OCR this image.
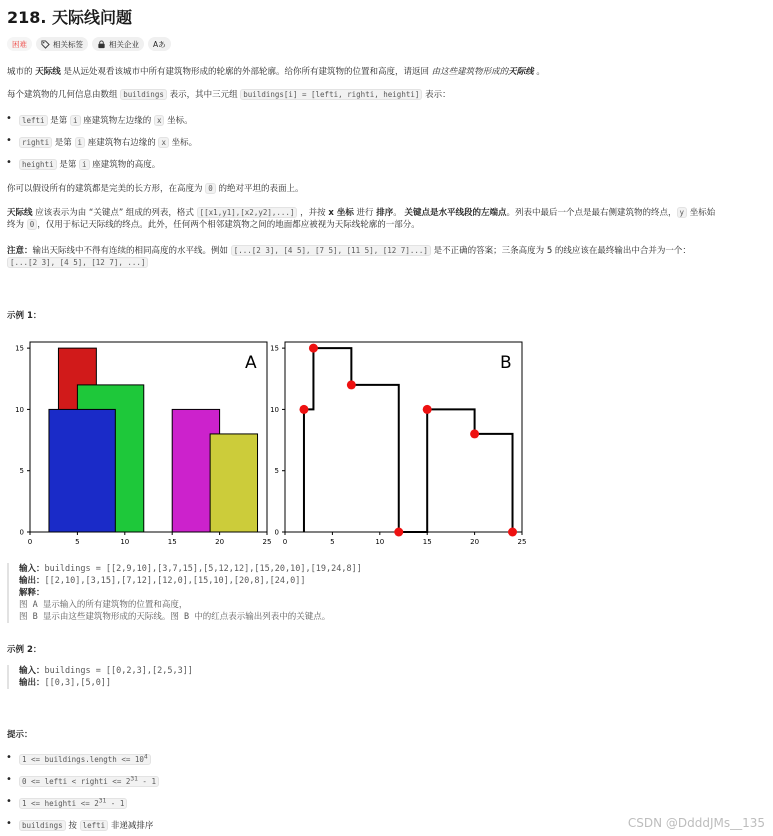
218. 天际线问题
困难	相关标签	相关企业 Aあ
城市的 天际线 是从远处观看该城市中所有建筑物形成的轮廓的外部轮廓。给你所有建筑物的位置和高度，请返回 由这些建筑物形成的天际线 。
每个建筑物的几何信息由数组 buildings 表示，其中三元组 buildings[i] = [lefti, righti, heighti] 表示：
• lefti 是第 i 座建筑物左边缘的 x 坐标。
• righti 是第 i 座建筑物右边缘的 x 坐标。
• heighti 是第 i 座建筑物的高度。
你可以假设所有的建筑都是完美的长方形，在高度为 0 的绝对平坦的表面上。
天际线 应该表示为由 “关键点” 组成的列表，格式 [[x1,y1],[x2,y2],...] ，并按 x 坐标 进行 排序。 关键点是水平线段的左端点。列表中最后一个点是最右侧建筑物的终点， y 坐标始
终为 0 ，仅用于标记天际线的终点。此外，任何两个相邻建筑物之间的地面都应被视为天际线轮廓的一部分。
注意：输出天际线中不得有连续的相同高度的水平线。例如 [...[2 3], [4 5], [7 5], [11 5], [12 7]...] 是不正确的答案；三条高度为 5 的线应该在最终输出中合并为一个：
[...[2 3], [4 5], [12 7], ...]
示例 1：
0	5	10	15	20	25
0
5
10
15
A
0	5	10	15	20	25
0
5
10
15
B
输入：buildings = [[2,9,10],[3,7,15],[5,12,12],[15,20,10],[19,24,8]]
输出：[[2,10],[3,15],[7,12],[12,0],[15,10],[20,8],[24,0]]
解释：
图 A 显示输入的所有建筑物的位置和高度，
图 B 显示由这些建筑物形成的天际线。图 B 中的红点表示输出列表中的关键点。
示例 2：
输入：buildings = [[0,2,3],[2,5,3]]
输出：[[0,3],[5,0]]
提示：
• 1 <= buildings.length <= $10^4$
• 0 <= lefti < righti <= $2^{31} - 1$
• 1 <= heighti <= $2^{31} - 1$
• buildings 按 lefti 非递减排序	CSDN @DdddJMs__135
